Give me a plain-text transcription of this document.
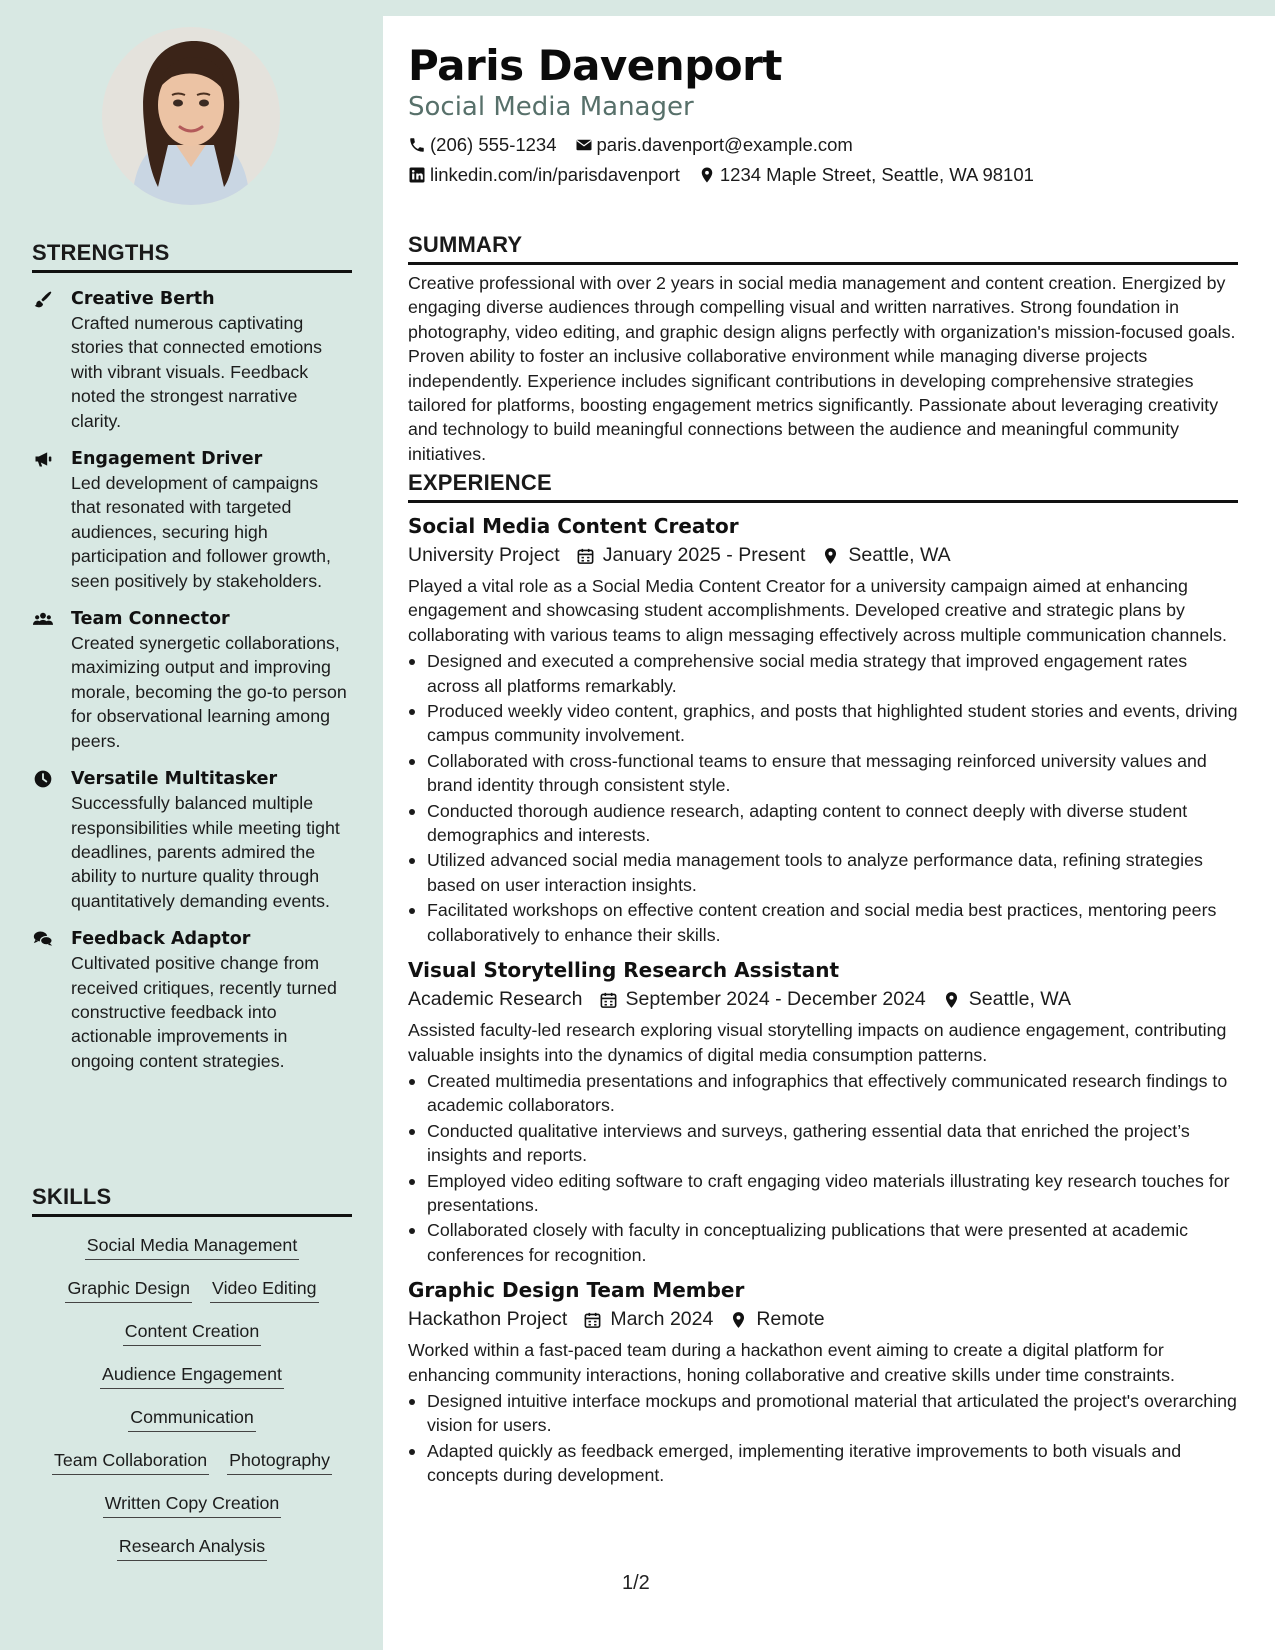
STRENGTHS
Creative Berth
Crafted numerous captivating stories that connected emotions with vibrant visuals. Feedback noted the strongest narrative clarity.
Engagement Driver
Led development of campaigns that resonated with targeted audiences, securing high participation and follower growth, seen positively by stakeholders.
Team Connector
Created synergetic collaborations, maximizing output and improving morale, becoming the go-to person for observational learning among peers.
Versatile Multitasker
Successfully balanced multiple responsibilities while meeting tight deadlines, parents admired the ability to nurture quality through quantitatively demanding events.
Feedback Adaptor
Cultivated positive change from received critiques, recently turned constructive feedback into actionable improvements in ongoing content strategies.
SKILLS
Social Media Management
Graphic Design Video Editing
Content Creation
Audience Engagement
Communication
Team Collaboration Photography
Written Copy Creation
Research Analysis
Paris Davenport
Social Media Manager
(206) 555-1234 paris.davenport@example.com
linkedin.com/in/parisdavenport 1234 Maple Street, Seattle, WA 98101
SUMMARY
Creative professional with over 2 years in social media management and content creation. Energized by engaging diverse audiences through compelling visual and written narratives. Strong foundation in photography, video editing, and graphic design aligns perfectly with organization's mission-focused goals. Proven ability to foster an inclusive collaborative environment while managing diverse projects independently. Experience includes significant contributions in developing comprehensive strategies tailored for platforms, boosting engagement metrics significantly. Passionate about leveraging creativity and technology to build meaningful connections between the audience and meaningful community initiatives.
EXPERIENCE
Social Media Content Creator
University Project January 2025 - Present Seattle, WA
Played a vital role as a Social Media Content Creator for a university campaign aimed at enhancing engagement and showcasing student accomplishments. Developed creative and strategic plans by collaborating with various teams to align messaging effectively across multiple communication channels.
Designed and executed a comprehensive social media strategy that improved engagement rates across all platforms remarkably.
Produced weekly video content, graphics, and posts that highlighted student stories and events, driving campus community involvement.
Collaborated with cross-functional teams to ensure that messaging reinforced university values and brand identity through consistent style.
Conducted thorough audience research, adapting content to connect deeply with diverse student demographics and interests.
Utilized advanced social media management tools to analyze performance data, refining strategies based on user interaction insights.
Facilitated workshops on effective content creation and social media best practices, mentoring peers collaboratively to enhance their skills.
Visual Storytelling Research Assistant
Academic Research September 2024 - December 2024 Seattle, WA
Assisted faculty-led research exploring visual storytelling impacts on audience engagement, contributing valuable insights into the dynamics of digital media consumption patterns.
Created multimedia presentations and infographics that effectively communicated research findings to academic collaborators.
Conducted qualitative interviews and surveys, gathering essential data that enriched the project’s insights and reports.
Employed video editing software to craft engaging video materials illustrating key research touches for presentations.
Collaborated closely with faculty in conceptualizing publications that were presented at academic conferences for recognition.
Graphic Design Team Member
Hackathon Project March 2024 Remote
Worked within a fast-paced team during a hackathon event aiming to create a digital platform for enhancing community interactions, honing collaborative and creative skills under time constraints.
Designed intuitive interface mockups and promotional material that articulated the project's overarching vision for users.
Adapted quickly as feedback emerged, implementing iterative improvements to both visuals and concepts during development.
1/2
